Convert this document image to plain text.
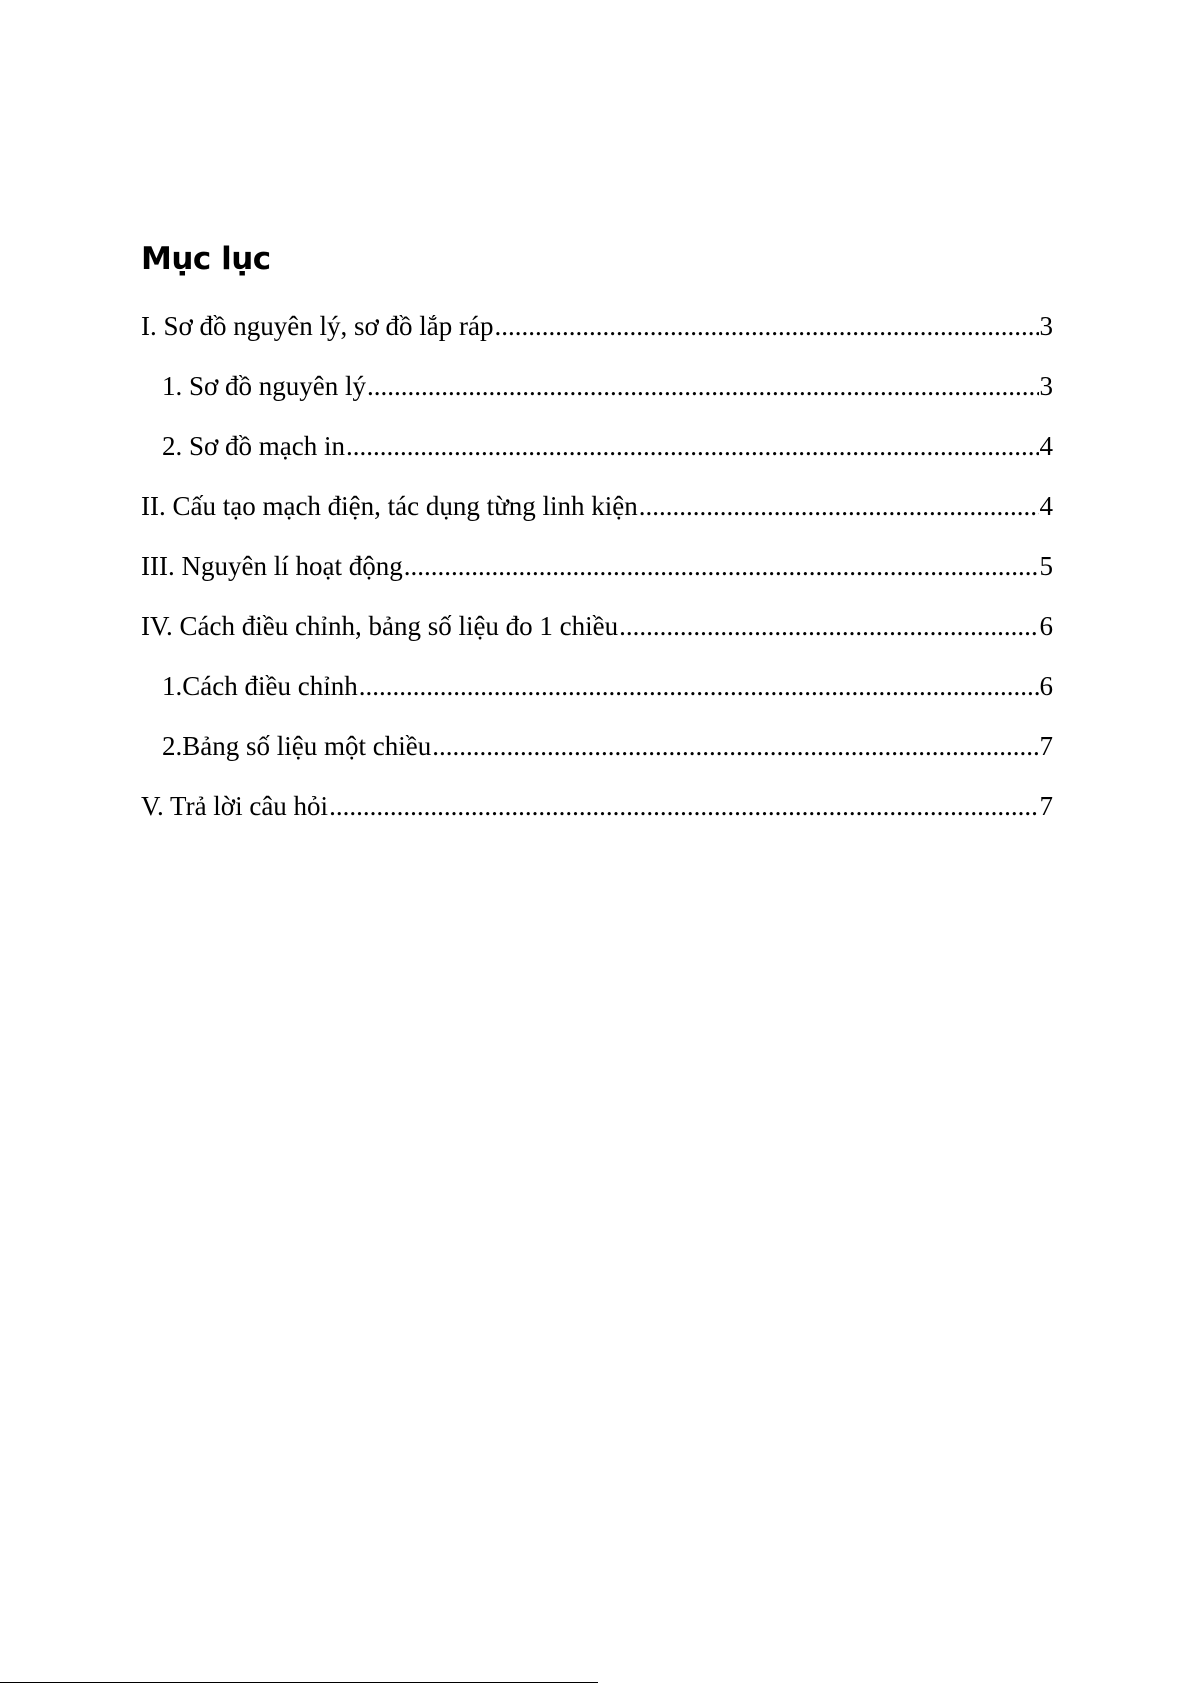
Mục lục
I. Sơ đồ nguyên lý, sơ đồ lắp ráp .....	3
1. Sơ đồ nguyên lý .....	3
2. Sơ đồ mạch in .....	4
II. Cấu tạo mạch điện, tác dụng từng linh kiện .....	4
III. Nguyên lí hoạt động .....	5
IV. Cách điều chỉnh, bảng số liệu đo 1 chiều .....	6
1.Cách điều chỉnh .....	6
2.Bảng số liệu một chiều .....	7
V. Trả lời câu hỏi .....	7
